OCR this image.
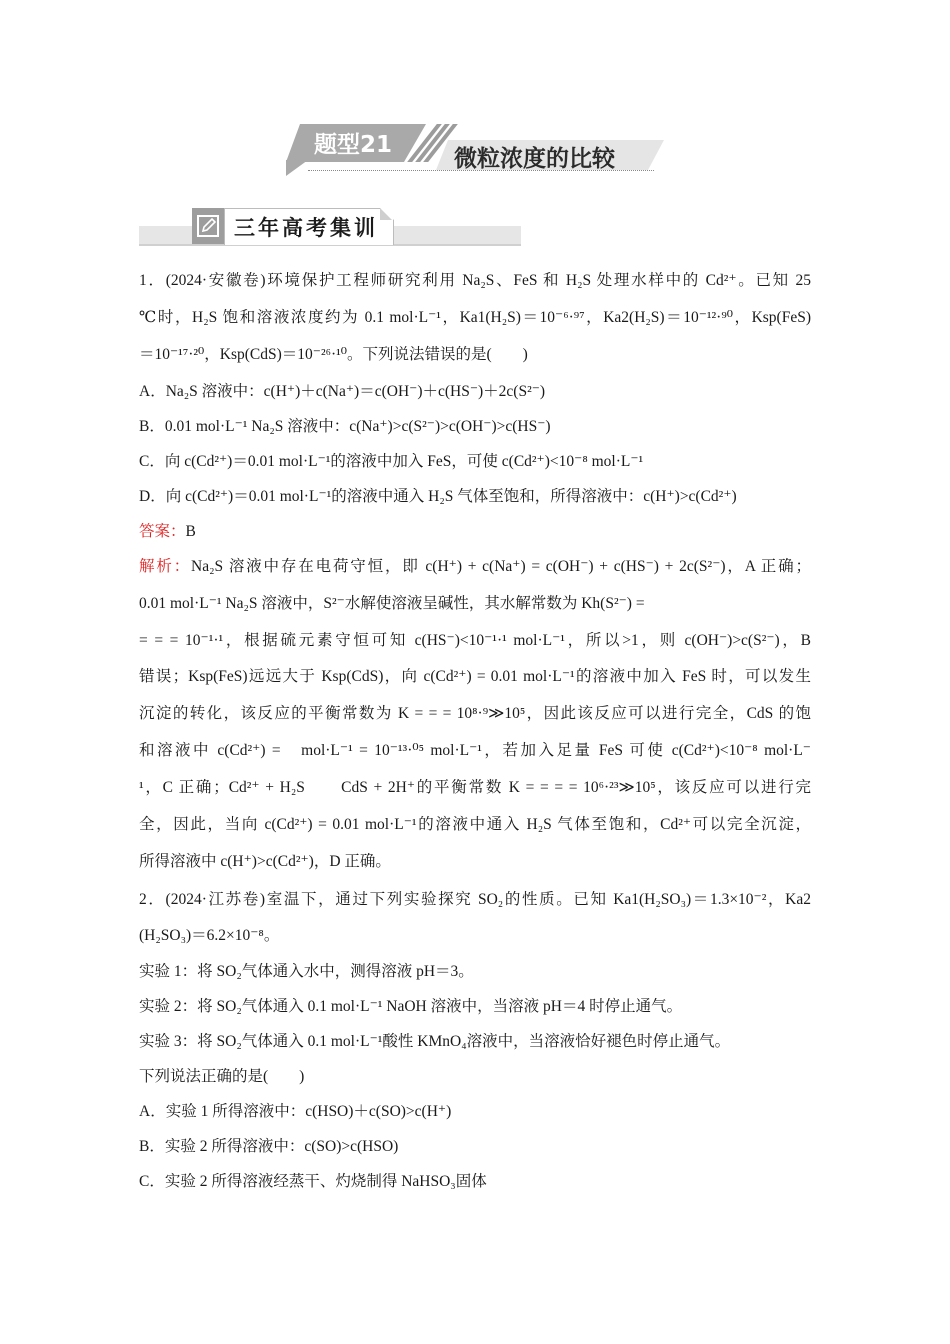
题型21
微粒浓度的比较
三年高考集训
1．(2024·安徽卷)环境保护工程师研究利用 Na₂S、FeS 和 H₂S 处理水样中的 Cd²⁺。已知 25
℃时，H₂S 饱和溶液浓度约为 0.1 mol·L⁻¹，Ka1(H₂S)＝10⁻⁶·⁹⁷，Ka2(H₂S)＝10⁻¹²·⁹⁰，Ksp(FeS)
＝10⁻¹⁷·²⁰，Ksp(CdS)＝10⁻²⁶·¹⁰。下列说法错误的是(　　)
A．Na₂S 溶液中：c(H⁺)＋c(Na⁺)＝c(OH⁻)＋c(HS⁻)＋2c(S²⁻)
B．0.01 mol·L⁻¹ Na₂S 溶液中：c(Na⁺)>c(S²⁻)>c(OH⁻)>c(HS⁻)
C．向 c(Cd²⁺)＝0.01 mol·L⁻¹的溶液中加入 FeS，可使 c(Cd²⁺)<10⁻⁸ mol·L⁻¹
D．向 c(Cd²⁺)＝0.01 mol·L⁻¹的溶液中通入 H₂S 气体至饱和，所得溶液中：c(H⁺)>c(Cd²⁺)
答案：B
解析：Na₂S 溶液中存在电荷守恒，即 c(H⁺) + c(Na⁺) = c(OH⁻) + c(HS⁻) + 2c(S²⁻)，A 正确；
0.01 mol·L⁻¹ Na₂S 溶液中，S²⁻水解使溶液呈碱性，其水解常数为 Kh(S²⁻) =
= = = 10⁻¹·¹，根据硫元素守恒可知 c(HS⁻)<10⁻¹·¹ mol·L⁻¹，所以>1，则 c(OH⁻)>c(S²⁻)，B
错误；Ksp(FeS)远远大于 Ksp(CdS)，向 c(Cd²⁺) = 0.01 mol·L⁻¹的溶液中加入 FeS 时，可以发生
沉淀的转化，该反应的平衡常数为 K = = = 10⁸·⁹≫10⁵，因此该反应可以进行完全，CdS 的饱
和溶液中 c(Cd²⁺) =　mol·L⁻¹ = 10⁻¹³·⁰⁵ mol·L⁻¹，若加入足量 FeS 可使 c(Cd²⁺)<10⁻⁸ mol·L⁻
¹，C 正确；Cd²⁺ + H₂S　　CdS + 2H⁺的平衡常数 K = = = = 10⁶·²³≫10⁵，该反应可以进行完
全，因此，当向 c(Cd²⁺) = 0.01 mol·L⁻¹的溶液中通入 H₂S 气体至饱和，Cd²⁺可以完全沉淀，
所得溶液中 c(H⁺)>c(Cd²⁺)，D 正确。
2．(2024·江苏卷)室温下，通过下列实验探究 SO₂的性质。已知 Ka1(H₂SO₃)＝1.3×10⁻²，Ka2
(H₂SO₃)＝6.2×10⁻⁸。
实验 1：将 SO₂气体通入水中，测得溶液 pH＝3。
实验 2：将 SO₂气体通入 0.1 mol·L⁻¹ NaOH 溶液中，当溶液 pH＝4 时停止通气。
实验 3：将 SO₂气体通入 0.1 mol·L⁻¹酸性 KMnO₄溶液中，当溶液恰好褪色时停止通气。
下列说法正确的是(　　)
A．实验 1 所得溶液中：c(HSO)＋c(SO)>c(H⁺)
B．实验 2 所得溶液中：c(SO)>c(HSO)
C．实验 2 所得溶液经蒸干、灼烧制得 NaHSO₃固体
